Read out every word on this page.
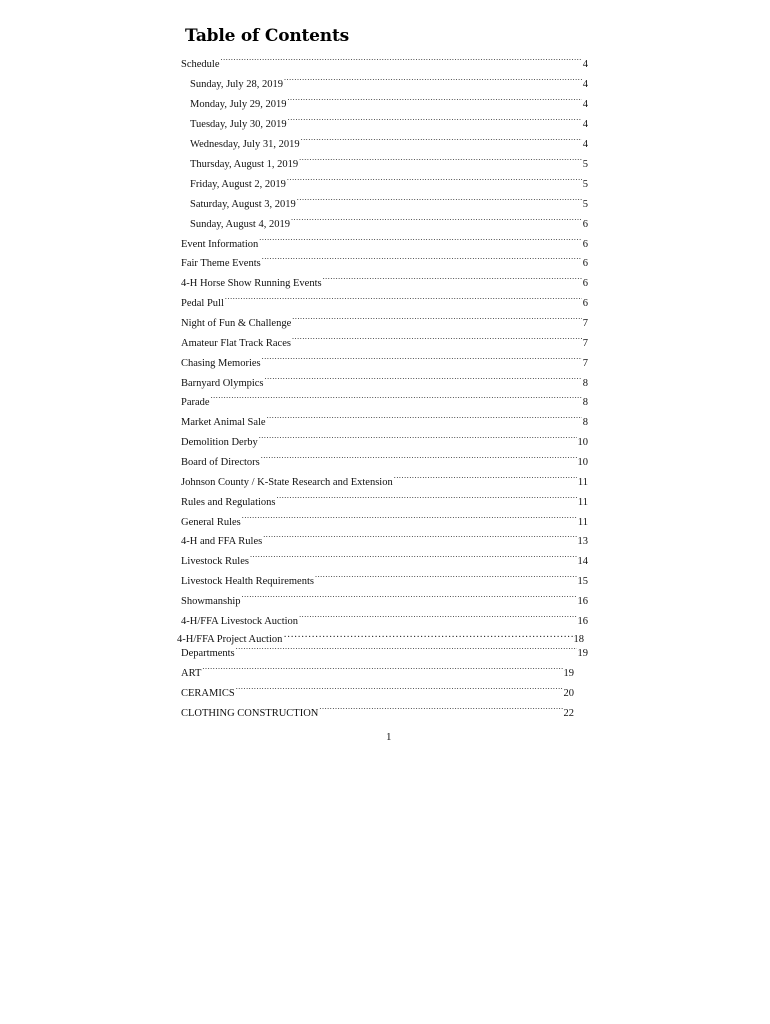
Table of Contents
Schedule .....	4
Sunday, July 28, 2019 .....	4
Monday, July 29, 2019 .....	4
Tuesday, July 30, 2019 .....	4
Wednesday, July 31, 2019 .....	4
Thursday, August 1, 2019 .....	5
Friday, August 2, 2019 .....	5
Saturday, August 3, 2019 .....	5
Sunday, August 4, 2019 .....	6
Event Information .....	6
Fair Theme Events .....	6
4-H Horse Show Running Events .....	6
Pedal Pull .....	6
Night of Fun & Challenge .....	7
Amateur Flat Track Races .....	7
Chasing Memories .....	7
Barnyard Olympics .....	8
Parade .....	8
Market Animal Sale .....	8
Demolition Derby .....	10
Board of Directors .....	10
Johnson County / K-State Research and Extension .....	11
Rules and Regulations .....	11
General Rules .....	11
4-H and FFA Rules .....	13
Livestock Rules .....	14
Livestock Health Requirements .....	15
Showmanship .....	16
4-H/FFA Livestock Auction .....	16
4-H/FFA Project Auction ……………………………………………………………………………………………………………………………………………………	18
Departments .....	19
ART .....	19
CERAMICS .....	20
CLOTHING CONSTRUCTION .....	22

1
